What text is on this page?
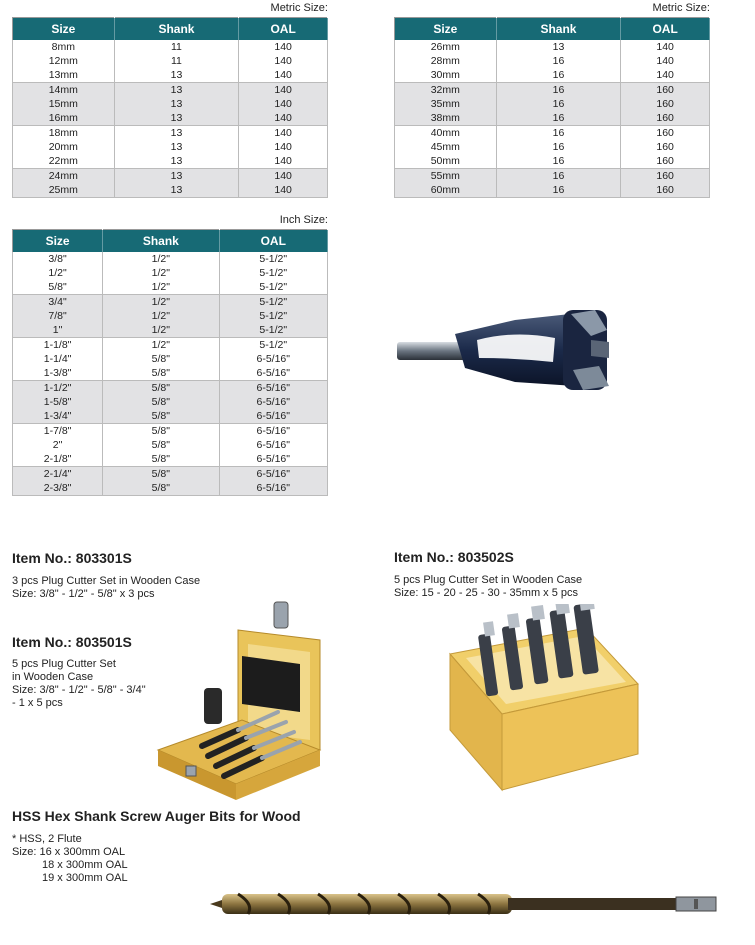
Metric Size:
Size	Shank	OAL
8mm	11	140
12mm	11	140
13mm	13	140
14mm	13	140
15mm	13	140
16mm	13	140
18mm	13	140
20mm	13	140
22mm	13	140
24mm	13	140
25mm	13	140
Metric Size:
Size	Shank	OAL
26mm	13	140
28mm	16	140
30mm	16	140
32mm	16	160
35mm	16	160
38mm	16	160
40mm	16	160
45mm	16	160
50mm	16	160
55mm	16	160
60mm	16	160
Inch Size:
Size	Shank	OAL
3/8"	1/2"	5-1/2"
1/2"	1/2"	5-1/2"
5/8"	1/2"	5-1/2"
3/4"	1/2"	5-1/2"
7/8"	1/2"	5-1/2"
1"	1/2"	5-1/2"
1-1/8"	1/2"	5-1/2"
1-1/4"	5/8"	6-5/16"
1-3/8"	5/8"	6-5/16"
1-1/2"	5/8"	6-5/16"
1-5/8"	5/8"	6-5/16"
1-3/4"	5/8"	6-5/16"
1-7/8"	5/8"	6-5/16"
2"	5/8"	6-5/16"
2-1/8"	5/8"	6-5/16"
2-1/4"	5/8"	6-5/16"
2-3/8"	5/8"	6-5/16"
Item No.: 803301S
3 pcs Plug Cutter Set in Wooden Case
Size: 3/8" - 1/2" - 5/8" x 3 pcs
Item No.: 803501S
5 pcs Plug Cutter Set
in Wooden Case
Size: 3/8" - 1/2" - 5/8" - 3/4"
- 1 x 5 pcs
Item No.: 803502S
5 pcs Plug Cutter Set in Wooden Case
Size: 15 - 20 - 25 - 30 - 35mm x 5 pcs
HSS Hex Shank Screw Auger Bits for Wood
* HSS, 2 Flute
Size: 16 x 300mm OAL
18 x 300mm OAL
19 x 300mm OAL
